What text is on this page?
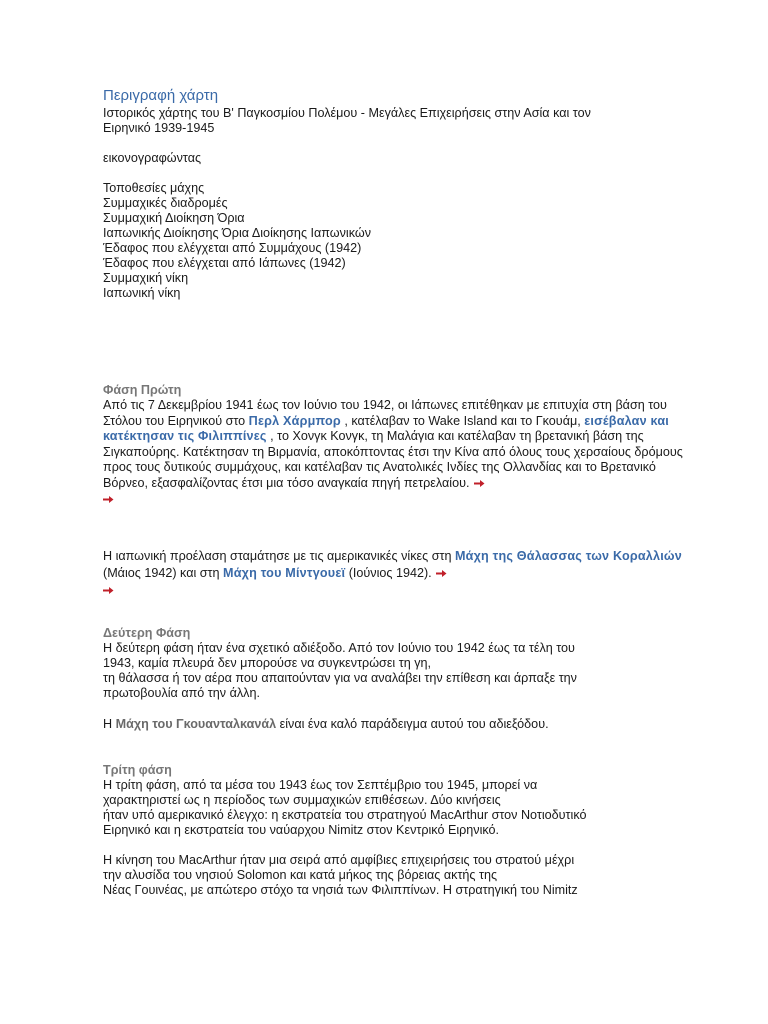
Περιγραφή χάρτη

Ιστορικός χάρτης του Β' Παγκοσμίου Πολέμου - Μεγάλες Επιχειρήσεις στην Ασία και τον

Ειρηνικό 1939-1945

εικονογραφώντας

Τοποθεσίες μάχης

Συμμαχικές διαδρομές

Συμμαχική Διοίκηση Όρια

Ιαπωνικής Διοίκησης Όρια Διοίκησης Ιαπωνικών

Έδαφος που ελέγχεται από Συμμάχους (1942)

Έδαφος που ελέγχεται από Ιάπωνες (1942)

Συμμαχική νίκη

Ιαπωνική νίκη

Φάση Πρώτη

Από τις 7 Δεκεμβρίου 1941 έως τον Ιούνιο του 1942, οι Ιάπωνες επιτέθηκαν με επιτυχία στη βάση του Στόλου του Ειρηνικού στο Περλ Χάρμπορ , κατέλαβαν το Wake Island και το Γκουάμ, εισέβαλαν και κατέκτησαν τις Φιλιππίνες , το Χονγκ Κονγκ, τη Μαλάγια και κατέλαβαν τη βρετανική βάση της Σιγκαπούρης. Κατέκτησαν τη Βιρμανία, αποκόπτοντας έτσι την Κίνα από όλους τους χερσαίους δρόμους προς τους δυτικούς συμμάχους, και κατέλαβαν τις Ανατολικές Ινδίες της Ολλανδίας και το Βρετανικό Βόρνεο, εξασφαλίζοντας έτσι μια τόσο αναγκαία πηγή πετρελαίου.

Η ιαπωνική προέλαση σταμάτησε με τις αμερικανικές νίκες στη Μάχη της Θάλασσας των Κοραλλιών (Μάιος 1942) και στη Μάχη του Μίντγουεϊ (Ιούνιος 1942).

Δεύτερη Φάση

Η δεύτερη φάση ήταν ένα σχετικό αδιέξοδο. Από τον Ιούνιο του 1942 έως τα τέλη του

1943, καμία πλευρά δεν μπορούσε να συγκεντρώσει τη γη,

τη θάλασσα ή τον αέρα που απαιτούνταν για να αναλάβει την επίθεση και άρπαξε την

πρωτοβουλία από την άλλη.

Η Μάχη του Γκουανταλκανάλ είναι ένα καλό παράδειγμα αυτού του αδιεξόδου.

Τρίτη φάση

Η τρίτη φάση, από τα μέσα του 1943 έως τον Σεπτέμβριο του 1945, μπορεί να

χαρακτηριστεί ως η περίοδος των συμμαχικών επιθέσεων. Δύο κινήσεις

ήταν υπό αμερικανικό έλεγχο: η εκστρατεία του στρατηγού MacArthur στον Νοτιοδυτικό

Ειρηνικό και η εκστρατεία του ναύαρχου Nimitz στον Κεντρικό Ειρηνικό.

Η κίνηση του MacArthur ήταν μια σειρά από αμφίβιες επιχειρήσεις του στρατού μέχρι

την αλυσίδα του νησιού Solomon και κατά μήκος της βόρειας ακτής της

Νέας Γουινέας, με απώτερο στόχο τα νησιά των Φιλιππίνων. Η στρατηγική του Nimitz
